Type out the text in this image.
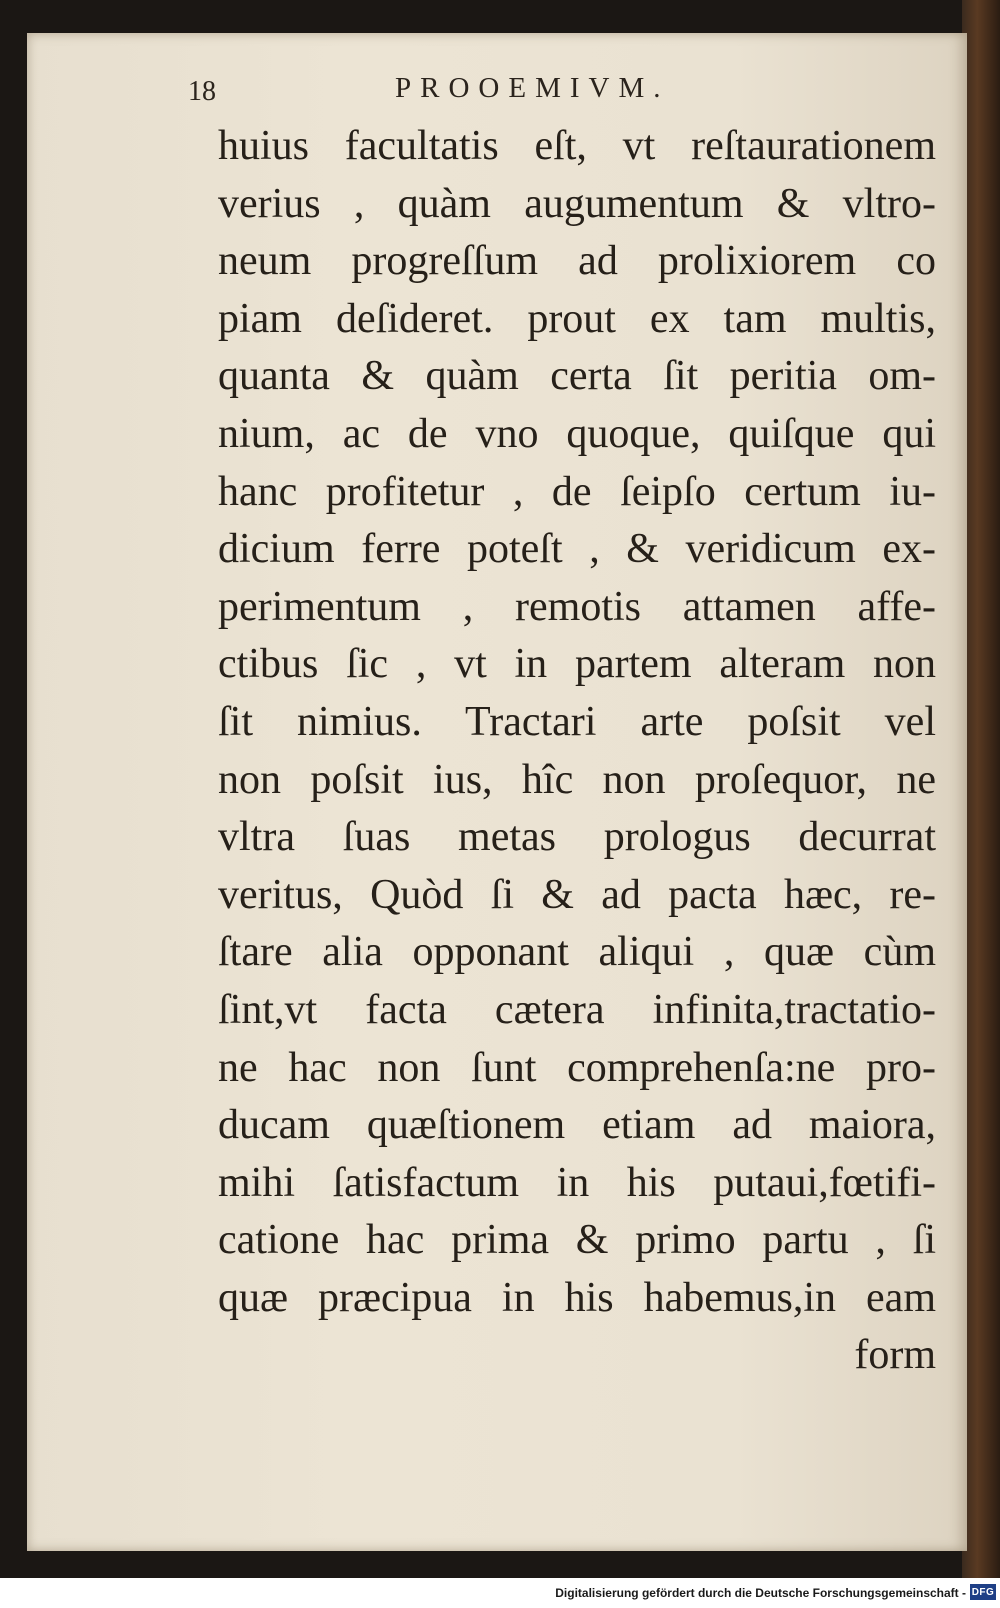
18	PROOEMIVM.

huius facultatis eſt, vt reſtaurationem
verius , quàm augumentum & vltro-
neum progreſſum ad prolixiorem co
piam deſideret. prout ex tam multis,
quanta & quàm certa ſit peritia om-
nium, ac de vno quoque, quiſque qui
hanc profitetur , de ſeipſo certum iu-
dicium ferre poteſt , & veridicum ex-
perimentum , remotis attamen affe-
ctibus ſic , vt in partem alteram non
ſit nimius. Tractari arte poſsit vel
non poſsit ius, hîc non proſequor, ne
vltra ſuas metas prologus decurrat
veritus, Quòd ſi & ad pacta hæc, re-
ſtare alia opponant aliqui , quæ cùm
ſint,vt facta cætera infinita,tractatio-
ne hac non ſunt comprehenſa:ne pro-
ducam quæſtionem etiam ad maiora,
mihi ſatisfactum in his putaui,fœtifi-
catione hac prima & primo partu , ſi
quæ præcipua in his habemus,in eam
form

Digitalisierung gefördert durch die Deutsche Forschungsgemeinschaft - DFG
